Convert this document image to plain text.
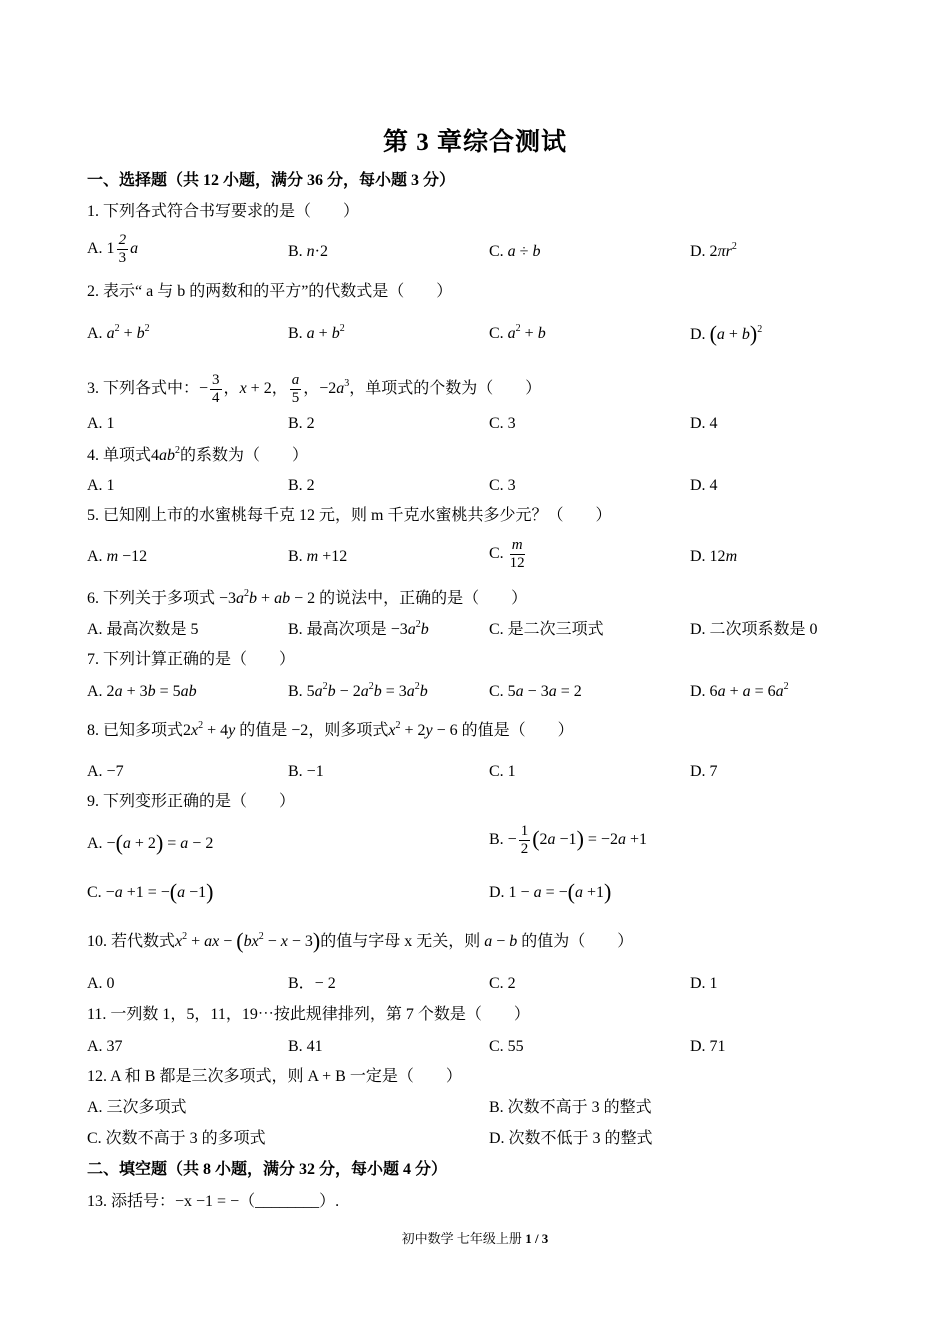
第 3 章综合测试
一、选择题（共 12 小题，满分 36 分，每小题 3 分）
1. 下列各式符合书写要求的是（　　）
A. $1 \frac{2}{3}$ a	B. n·2	C. a ÷ b	D. $2\pi r^2$
2. 表示“ a 与 b 的两数和的平方”的代数式是（　　）
A. $a^2 + b^2$	B. $a + b^2$	C. $a^2 + b$	D. $(a + b)^2$
3. 下列各式中：− $\frac{3}{4}$ ，x + 2， $\frac{a}{5}$ ，$-2a^3$，单项式的个数为（　　）
A. 1	B. 2	C. 3	D. 4
4. 单项式$4ab^2$的系数为（　　）
A. 1	B. 2	C. 3	D. 4
5. 已知刚上市的水蜜桃每千克 12 元，则 m 千克水蜜桃共多少元？（　　）
A. m −12	B. m +12	C. $\frac{m}{12}$	D. 12m
6. 下列关于多项式 $-3a^2b$ + ab − 2 的说法中，正确的是（　　）
A. 最高次数是 5	B. 最高次项是 $-3a^2b$	C. 是二次三项式	D. 二次项系数是 0
7. 下列计算正确的是（　　）
A. 2a + 3b = 5ab	B. $5a^2b - 2a^2b = 3a^2b$	C. 5a − 3a = 2	D. $6a + a = 6a^2$
8. 已知多项式$2x^2 + 4y$ 的值是 −2，则多项式$x^2 + 2y - 6$ 的值是（　　）
A. −7	B. −1	C. 1	D. 7
9. 下列变形正确的是（　　）
A. −(a + 2) = a − 2	B. − $\frac{1}{2} (2a -1) = -2a +1$
C. −a +1 = −(a −1)	D. 1 − a = −(a +1)
10. 若代数式$x^2$ + ax − $(bx^2 - x - 3)$的值与字母 x 无关，则 a − b 的值为（　　）
A. 0	B．− 2	C. 2	D. 1
11. 一列数 1，5，11，19⋯按此规律排列，第 7 个数是（　　）
A. 37	B. 41	C. 55	D. 71
12. A 和 B 都是三次多项式，则 A + B 一定是（　　）
A. 三次多项式	B. 次数不高于 3 的整式
C. 次数不高于 3 的多项式	D. 次数不低于 3 的整式
二、填空题（共 8 小题，满分 32 分，每小题 4 分）
13. 添括号：−x −1 = −（________）.
初中数学 七年级上册 1 / 3
